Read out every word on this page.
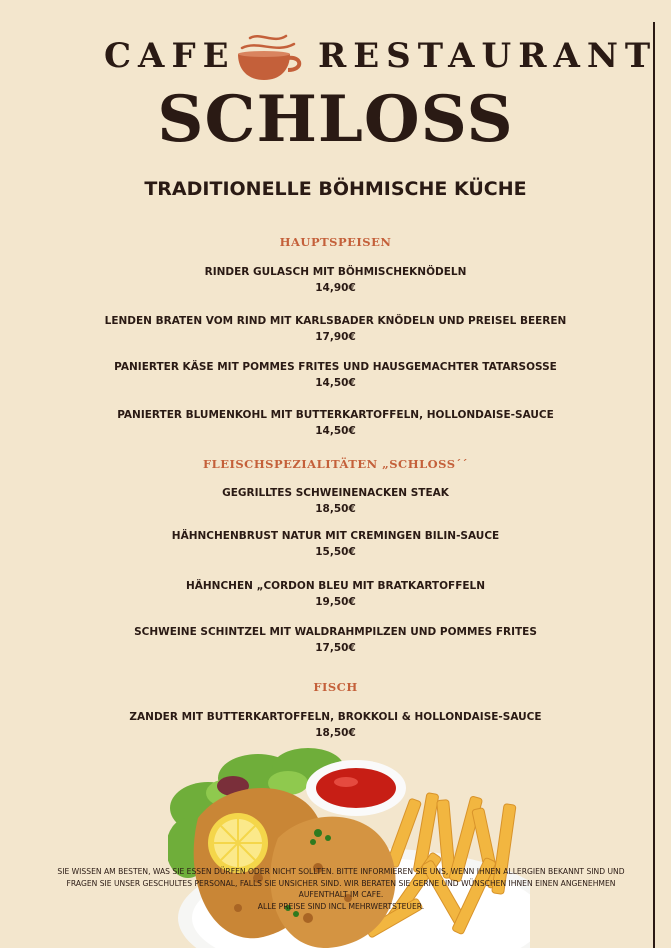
CAFE RESTAURANT
SCHLOSS
TRADITIONELLE BÖHMISCHE KÜCHE
HAUPTSPEISEN
RINDER GULASCH MIT BÖHMISCHEKNÖDELN
14,90€
LENDEN BRATEN VOM RIND MIT KARLSBADER KNÖDELN UND PREISEL BEEREN
17,90€
PANIERTER KÄSE MIT POMMES FRITES UND HAUSGEMACHTER TATARSOSSE
14,50€
PANIERTER BLUMENKOHL MIT BUTTERKARTOFFELN, HOLLONDAISE-SAUCE
14,50€
FLEISCHSPEZIALITÄTEN „SCHLOSS´´
GEGRILLTES SCHWEINENACKEN STEAK
18,50€
HÄHNCHENBRUST NATUR MIT CREMINGEN BILIN-SAUCE
15,50€
HÄHNCHEN „CORDON BLEU MIT BRATKARTOFFELN
19,50€
SCHWEINE SCHINTZEL MIT WALDRAHMPILZEN UND POMMES FRITES
17,50€
FISCH
ZANDER MIT BUTTERKARTOFFELN, BROKKOLI & HOLLONDAISE-SAUCE
18,50€
SIE WISSEN AM BESTEN, WAS SIE ESSEN DÜRFEN ODER NICHT SOLLTEN. BITTE INFORMIEREN SIE UNS, WENN IHNEN ALLERGIEN BEKANNT SIND UND
FRAGEN SIE UNSER GESCHULTES PERSONAL, FALLS SIE UNSICHER SIND. WIR BERATEN SIE GERNE UND WÜNSCHEN IHNEN EINEN ANGENEHMEN
AUFENTHALT IM CAFE.
ALLE PREISE SIND INCL MEHRWERTSTEUER.
